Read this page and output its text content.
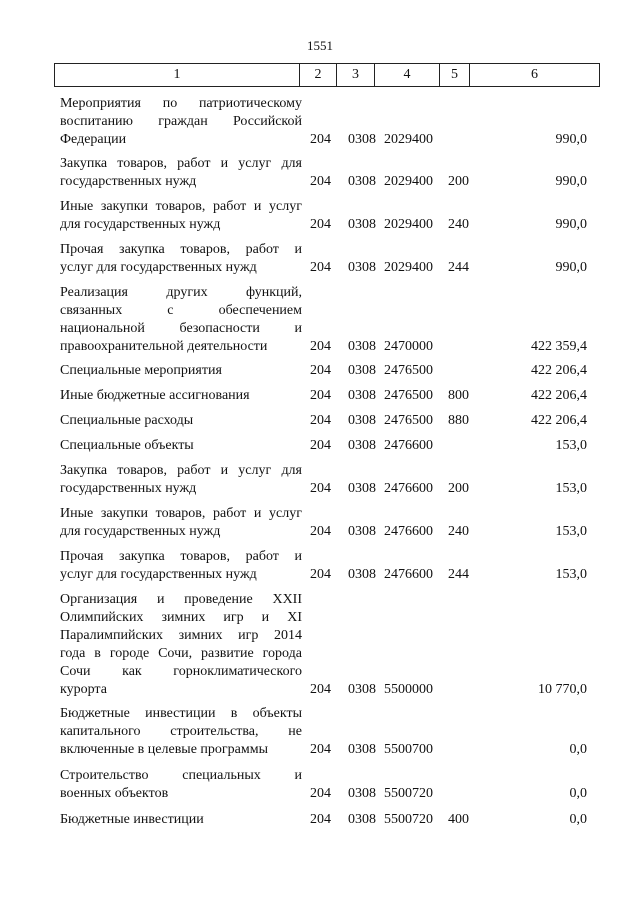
1551
1	2	3	4	5	6
Мероприятия по патриотическому
воспитанию граждан Российской
Федерации	204 0308 2029400	990,0
Закупка товаров, работ и услуг для
государственных нужд	204 0308 2029400 200	990,0
Иные закупки товаров, работ и услуг
для государственных нужд	204 0308 2029400 240	990,0
Прочая закупка товаров, работ и
услуг для государственных нужд	204 0308 2029400 244	990,0
Реализация других функций,
связанных с обеспечением
национальной безопасности и
правоохранительной деятельности	204 0308 2470000	422 359,4
Специальные мероприятия	204 0308 2476500	422 206,4
Иные бюджетные ассигнования	204 0308 2476500 800	422 206,4
Специальные расходы	204 0308 2476500 880	422 206,4
Специальные объекты	204 0308 2476600	153,0
Закупка товаров, работ и услуг для
государственных нужд	204 0308 2476600 200	153,0
Иные закупки товаров, работ и услуг
для государственных нужд	204 0308 2476600 240	153,0
Прочая закупка товаров, работ и
услуг для государственных нужд	204 0308 2476600 244	153,0
Организация и проведение XXII
Олимпийских зимних игр и XI
Паралимпийских зимних игр 2014
года в городе Сочи, развитие города
Сочи как горноклиматического
курорта	204 0308 5500000	10 770,0
Бюджетные инвестиции в объекты
капитального строительства, не
включенные в целевые программы	204 0308 5500700	0,0
Строительство специальных и
военных объектов	204 0308 5500720	0,0
Бюджетные инвестиции	204 0308 5500720 400	0,0
